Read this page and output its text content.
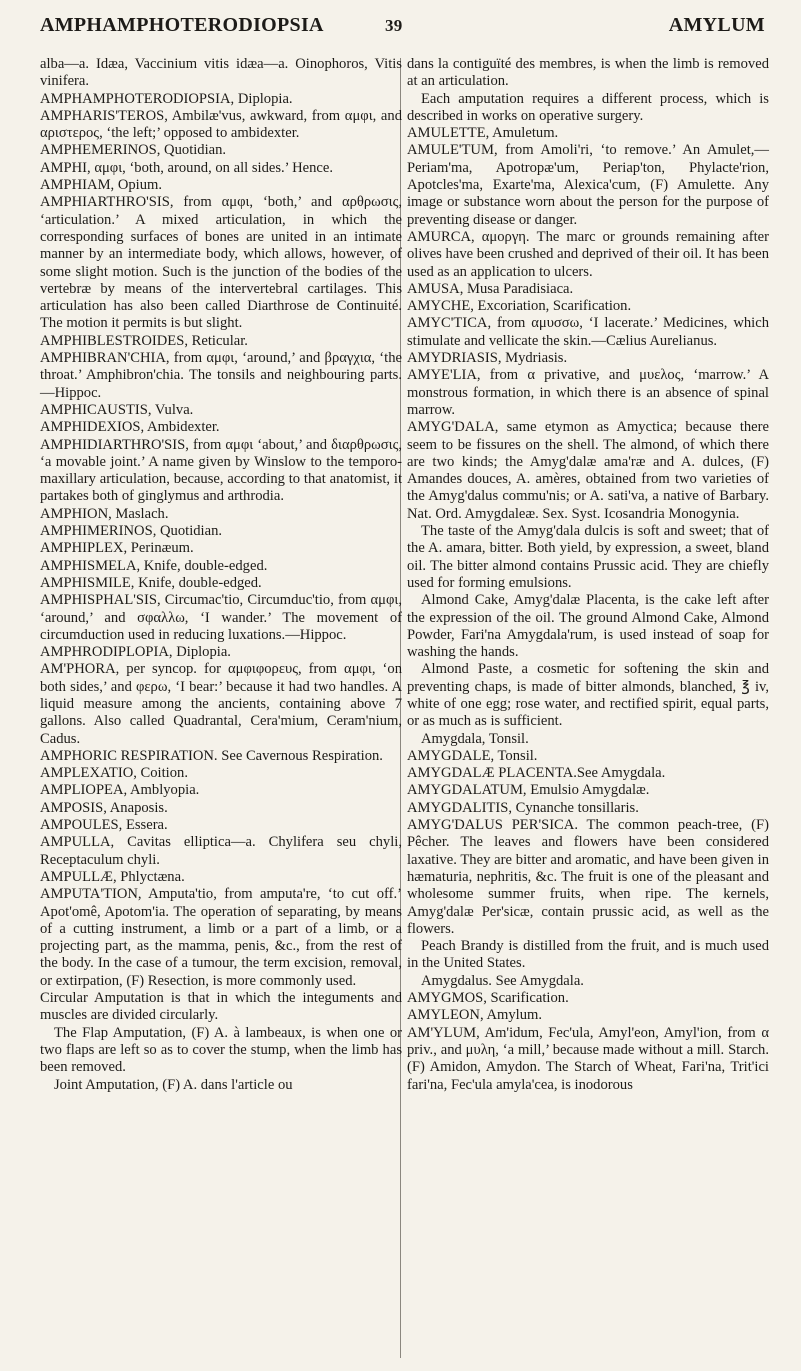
AMPHAMPHOTERODIOPSIA	39	AMYLUM

alba—a. Idæa, Vaccinium vitis idæa—a. Oinophoros, Vitis vinifera.

AMPHAMPHOTERODIOPSIA, Diplopia.

AMPHARIS'TEROS, Ambilæ'vus, awkward, from αμφι, and αριστερος, ‘the left;’ opposed to ambidexter.

AMPHEMERINOS, Quotidian.

AMPHI, αμφι, ‘both, around, on all sides.’ Hence.

AMPHIAM, Opium.

AMPHIARTHRO'SIS, from αμφι, ‘both,’ and αρθρωσις, ‘articulation.’ A mixed articulation, in which the corresponding surfaces of bones are united in an intimate manner by an intermediate body, which allows, however, of some slight motion. Such is the junction of the bodies of the vertebræ by means of the intervertebral cartilages. This articulation has also been called Diarthrose de Continuité. The motion it permits is but slight.

AMPHIBLESTROIDES, Reticular.

AMPHIBRAN'CHIA, from αμφι, ‘around,’ and βραγχια, ‘the throat.’ Amphibron'chia. The tonsils and neighbouring parts.—Hippoc.

AMPHICAUSTIS, Vulva.

AMPHIDEXIOS, Ambidexter.

AMPHIDIARTHRO'SIS, from αμφι ‘about,’ and διαρθρωσις, ‘a movable joint.’ A name given by Winslow to the temporo-maxillary articulation, because, according to that anatomist, it partakes both of ginglymus and arthrodia.

AMPHION, Maslach.

AMPHIMERINOS, Quotidian.

AMPHIPLEX, Perinæum.

AMPHISMELA, Knife, double-edged.

AMPHISMILE, Knife, double-edged.

AMPHISPHAL'SIS, Circumac'tio, Circumduc'tio, from αμφι, ‘around,’ and σφαλλω, ‘I wander.’ The movement of circumduction used in reducing luxations.—Hippoc.

AMPHRODIPLOPIA, Diplopia.

AM'PHORA, per syncop. for αμφιφορευς, from αμφι, ‘on both sides,’ and φερω, ‘I bear:’ because it had two handles. A liquid measure among the ancients, containing above 7 gallons. Also called Quadrantal, Cera'mium, Ceram'nium, Cadus.

AMPHORIC RESPIRATION. See Cavernous Respiration.

AMPLEXATIO, Coition.

AMPLIOPEA, Amblyopia.

AMPOSIS, Anaposis.

AMPOULES, Essera.

AMPULLA, Cavitas elliptica—a. Chylifera seu chyli, Receptaculum chyli.

AMPULLÆ, Phlyctæna.

AMPUTA'TION, Amputa'tio, from amputa're, ‘to cut off.’ Apot'omê, Apotom'ia. The operation of separating, by means of a cutting instrument, a limb or a part of a limb, or a projecting part, as the mamma, penis, &c., from the rest of the body. In the case of a tumour, the term excision, removal, or extirpation, (F) Resection, is more commonly used.

Circular Amputation is that in which the integuments and muscles are divided circularly.

The Flap Amputation, (F) A. à lambeaux, is when one or two flaps are left so as to cover the stump, when the limb has been removed.

Joint Amputation, (F) A. dans l'article ou

dans la contiguïté des membres, is when the limb is removed at an articulation.

Each amputation requires a different process, which is described in works on operative surgery.

AMULETTE, Amuletum.

AMULE'TUM, from Amoli'ri, ‘to remove.’ An Amulet,—Periam'ma, Apotropæ'um, Periap'ton, Phylacte'rion, Apotcles'ma, Exarte'ma, Alexica'cum, (F) Amulette. Any image or substance worn about the person for the purpose of preventing disease or danger.

AMURCA, αμοργη. The marc or grounds remaining after olives have been crushed and deprived of their oil. It has been used as an application to ulcers.

AMUSA, Musa Paradisiaca.

AMYCHE, Excoriation, Scarification.

AMYC'TICA, from αμυσσω, ‘I lacerate.’ Medicines, which stimulate and vellicate the skin.—Cælius Aurelianus.

AMYDRIASIS, Mydriasis.

AMYE'LIA, from α privative, and μυελος, ‘marrow.’ A monstrous formation, in which there is an absence of spinal marrow.

AMYG'DALA, same etymon as Amyctica; because there seem to be fissures on the shell. The almond, of which there are two kinds; the Amyg'dalæ ama'ræ and A. dulces, (F) Amandes douces, A. amères, obtained from two varieties of the Amyg'dalus commu'nis; or A. sati'va, a native of Barbary. Nat. Ord. Amygdaleæ. Sex. Syst. Icosandria Monogynia.

The taste of the Amyg'dala dulcis is soft and sweet; that of the A. amara, bitter. Both yield, by expression, a sweet, bland oil. The bitter almond contains Prussic acid. They are chiefly used for forming emulsions.

Almond Cake, Amyg'dalæ Placenta, is the cake left after the expression of the oil. The ground Almond Cake, Almond Powder, Fari'na Amygdala'rum, is used instead of soap for washing the hands.

Almond Paste, a cosmetic for softening the skin and preventing chaps, is made of bitter almonds, blanched, ℥ iv, white of one egg; rose water, and rectified spirit, equal parts, or as much as is sufficient.

Amygdala, Tonsil.

AMYGDALE, Tonsil.

AMYGDALÆ PLACENTA.See Amygdala.

AMYGDALATUM, Emulsio Amygdalæ.

AMYGDALITIS, Cynanche tonsillaris.

AMYG'DALUS PER'SICA. The common peach-tree, (F) Pêcher. The leaves and flowers have been considered laxative. They are bitter and aromatic, and have been given in hæmaturia, nephritis, &c. The fruit is one of the pleasant and wholesome summer fruits, when ripe. The kernels, Amyg'dalæ Per'sicæ, contain prussic acid, as well as the flowers.

Peach Brandy is distilled from the fruit, and is much used in the United States.

Amygdalus. See Amygdala.

AMYGMOS, Scarification.

AMYLEON, Amylum.

AM'YLUM, Am'idum, Fec'ula, Amyl'eon, Amyl'ion, from α priv., and μυλη, ‘a mill,’ because made without a mill. Starch. (F) Amidon, Amydon. The Starch of Wheat, Fari'na, Trit'ici fari'na, Fec'ula amyla'cea, is inodorous
